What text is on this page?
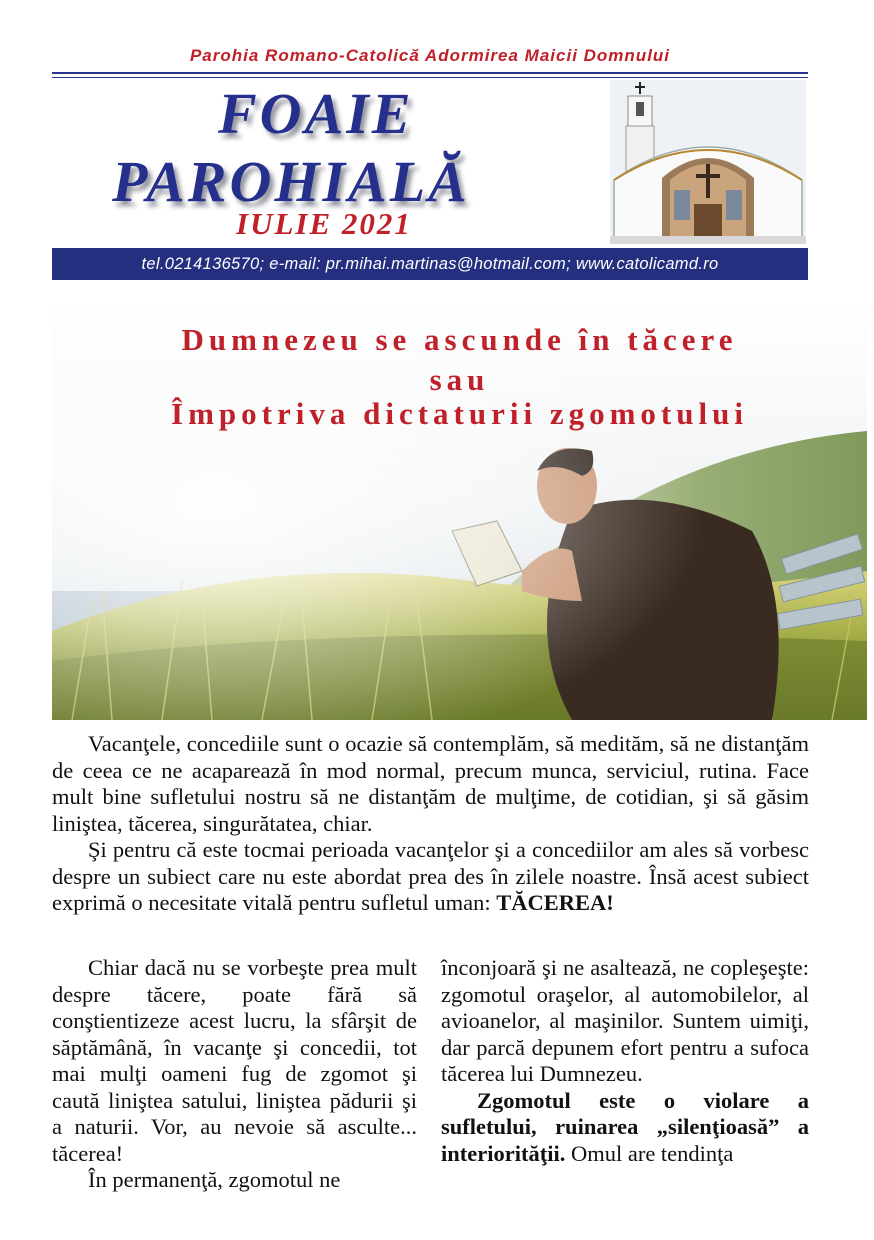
Parohia Romano-Catolică Adormirea Maicii Domnului
FOAIE
PAROHIALĂ
IULIE 2021
tel.0214136570; e-mail: pr.mihai.martinas@hotmail.com; www.catolicamd.ro
Dumnezeu se ascunde în tăcere
sau
Împotriva dictaturii zgomotului

Vacanţele, concediile sunt o ocazie să contemplăm, să medităm, să ne distanţăm de ceea ce ne acaparează în mod normal, precum munca, serviciul, rutina. Face mult bine sufletului nostru să ne distanţăm de mulţime, de cotidian, şi să găsim liniştea, tăcerea, singurătatea, chiar.

Şi pentru că este tocmai perioada vacanţelor şi a concediilor am ales să vorbesc despre un subiect care nu este abordat prea des în zilele noastre. Însă acest subiect exprimă o necesitate vitală pentru sufletul uman: TĂCEREA!

Chiar dacă nu se vorbeşte prea mult despre tăcere, poate fără să conştientizeze acest lucru, la sfârşit de săptămână, în vacanţe şi concedii, tot mai mulţi oameni fug de zgomot şi caută liniştea satului, liniştea pădurii şi a naturii. Vor, au nevoie să asculte... tăcerea!

În permanenţă, zgomotul ne

înconjoară şi ne asaltează, ne copleşeşte: zgomotul oraşelor, al automobilelor, al avioanelor, al maşinilor. Suntem uimiţi, dar parcă depunem efort pentru a sufoca tăcerea lui Dumnezeu.

Zgomotul este o violare a sufletului, ruinarea „silenţioasă” a interiorităţii. Omul are tendinţa
